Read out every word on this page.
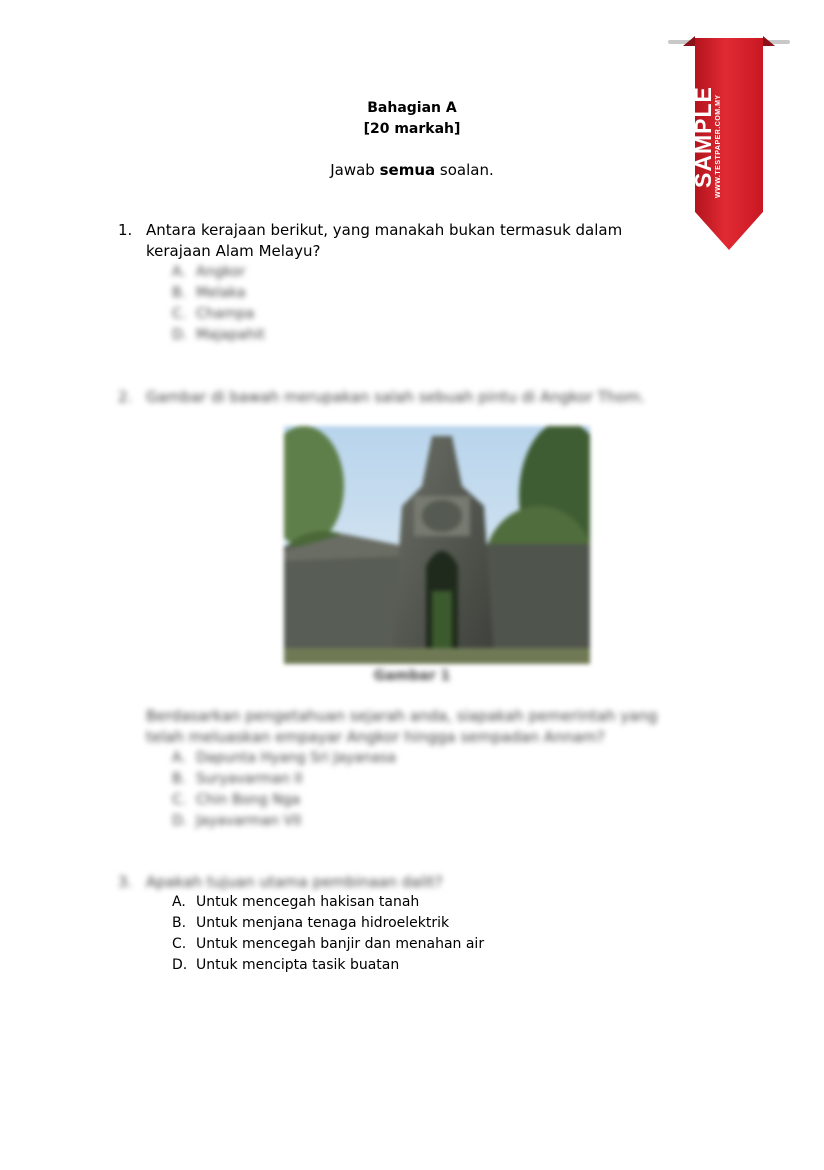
Bahagian A
[20 markah]
Jawab semua soalan.	SAMPLE WWW.TESTPAPER.COM.MY
1. Antara kerajaan berikut, yang manakah bukan termasuk dalam
kerajaan Alam Melayu?
A. Angkor
B. Melaka
C. Champa
D. Majapahit
2. Gambar di bawah merupakan salah sebuah pintu di Angkor Thom.
Gambar 1
Berdasarkan pengetahuan sejarah anda, siapakah pemerintah yang
telah meluaskan empayar Angkor hingga sempadan Annam?
A. Dapunta Hyang Sri Jayanasa
B. Suryavarman II
C. Chin Bong Nga
D. Jayavarman VII
3. Apakah tujuan utama pembinaan dalit?
A. Untuk mencegah hakisan tanah
B. Untuk menjana tenaga hidroelektrik
C. Untuk mencegah banjir dan menahan air
D. Untuk mencipta tasik buatan
